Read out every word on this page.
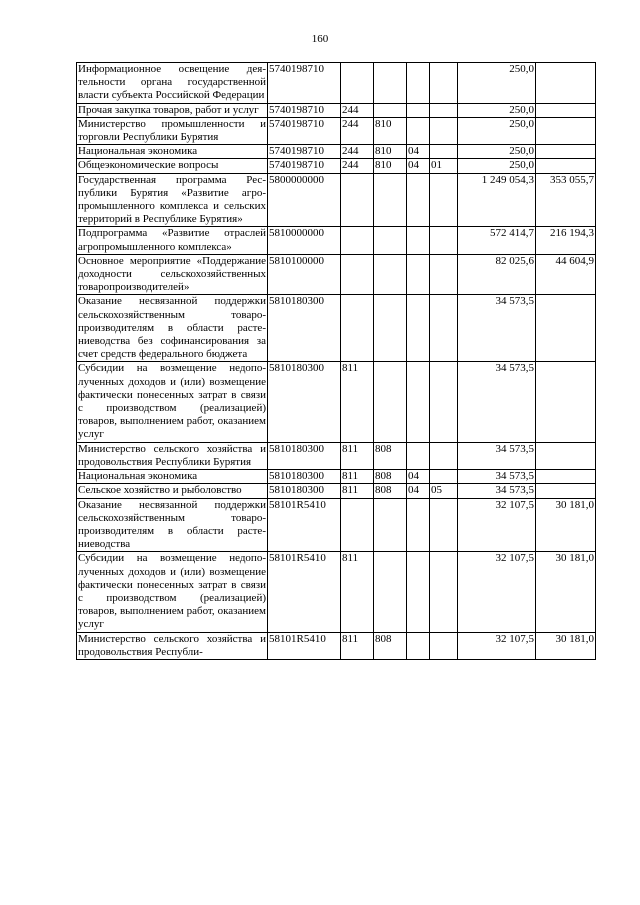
160
Информационное освещение деятельности органа государственной власти субъекта Российской Федерации	5740198710					250,0	
Прочая закупка товаров, работ и услуг	5740198710	244				250,0	
Министерство промышленности и торговли Республики Бурятия	5740198710	244	810			250,0	
Национальная экономика	5740198710	244	810	04		250,0	
Общеэкономические вопросы	5740198710	244	810	04	01	250,0	
Государственная программа Республики Бурятия «Развитие агропромышленного комплекса и сельских территорий в Республике Бурятия»	5800000000					1 249 054,3	353 055,7
Подпрограмма «Развитие отраслей агропромышленного комплекса»	5810000000					572 414,7	216 194,3
Основное мероприятие «Поддержание доходности сельскохозяйственных товаропроизводителей»	5810100000					82 025,6	44 604,9
Оказание несвязанной поддержки сельскохозяйственным товаропроизводителям в области растениеводства без софинансирования за счет средств федерального бюджета	5810180300					34 573,5	
Субсидии на возмещение недополученных доходов и (или) возмещение фактически понесенных затрат в связи с производством (реализацией) товаров, выполнением работ, оказанием услуг	5810180300	811				34 573,5	
Министерство сельского хозяйства и продовольствия Республики Бурятия	5810180300	811	808			34 573,5	
Национальная экономика	5810180300	811	808	04		34 573,5	
Сельское хозяйство и рыболовство	5810180300	811	808	04	05	34 573,5	
Оказание несвязанной поддержки сельскохозяйственным товаропроизводителям в области растениеводства	58101R5410					32 107,5	30 181,0
Субсидии на возмещение недополученных доходов и (или) возмещение фактически понесенных затрат в связи с производством (реализацией) товаров, выполнением работ, оказанием услуг	58101R5410	811				32 107,5	30 181,0
Министерство сельского хозяйства и продовольствия Республи-	58101R5410	811	808			32 107,5	30 181,0
